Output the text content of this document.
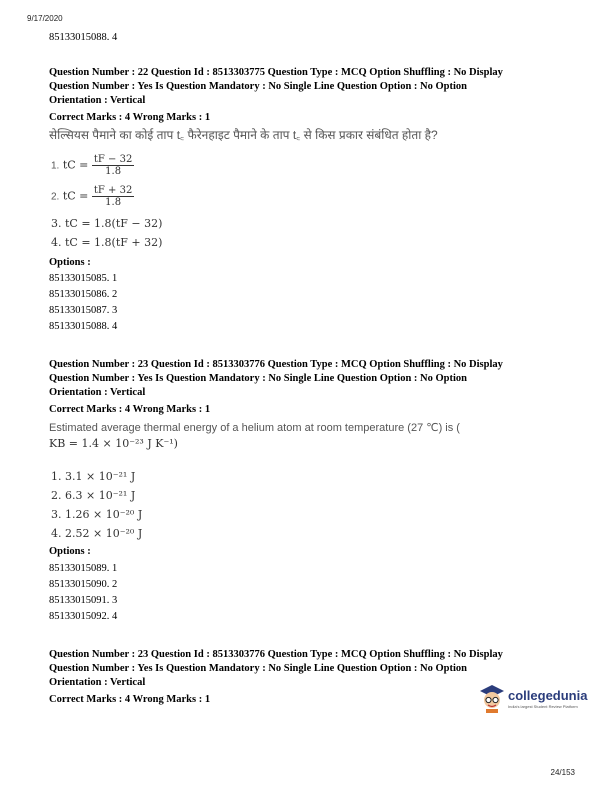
9/17/2020
24/153
85133015088. 4
Question Number : 22 Question Id : 8513303775 Question Type : MCQ Option Shuffling : No Display
Question Number : Yes Is Question Mandatory : No Single Line Question Option : No Option
Orientation : Vertical
Correct Marks : 4 Wrong Marks : 1
सेल्सियस पैमाने का कोई ताप t꜀ फैरेनहाइट पैमाने के ताप t꜀ से किस प्रकार संबंधित होता है?
1. tC = $\frac{tF - 32}{1.8}$
2. tC = $\frac{tF + 32}{1.8}$
3. tC = 1.8(tF − 32)
4. tC = 1.8(tF + 32)
Options :
85133015085. 1
85133015086. 2
85133015087. 3
85133015088. 4
Question Number : 23 Question Id : 8513303776 Question Type : MCQ Option Shuffling : No Display
Question Number : Yes Is Question Mandatory : No Single Line Question Option : No Option
Orientation : Vertical
Correct Marks : 4 Wrong Marks : 1
Estimated average thermal energy of a helium atom at room temperature (27 ℃) is (
KB = 1.4 × 10⁻²³ J K⁻¹)
1. 3.1 × 10⁻²¹ J
2. 6.3 × 10⁻²¹ J
3. 1.26 × 10⁻²⁰ J
4. 2.52 × 10⁻²⁰ J
Options :
85133015089. 1
85133015090. 2
85133015091. 3
85133015092. 4
Question Number : 23 Question Id : 8513303776 Question Type : MCQ Option Shuffling : No Display
Question Number : Yes Is Question Mandatory : No Single Line Question Option : No Option
Orientation : Vertical
Correct Marks : 4 Wrong Marks : 1	collegedunia
India's largest Student Review Platform
